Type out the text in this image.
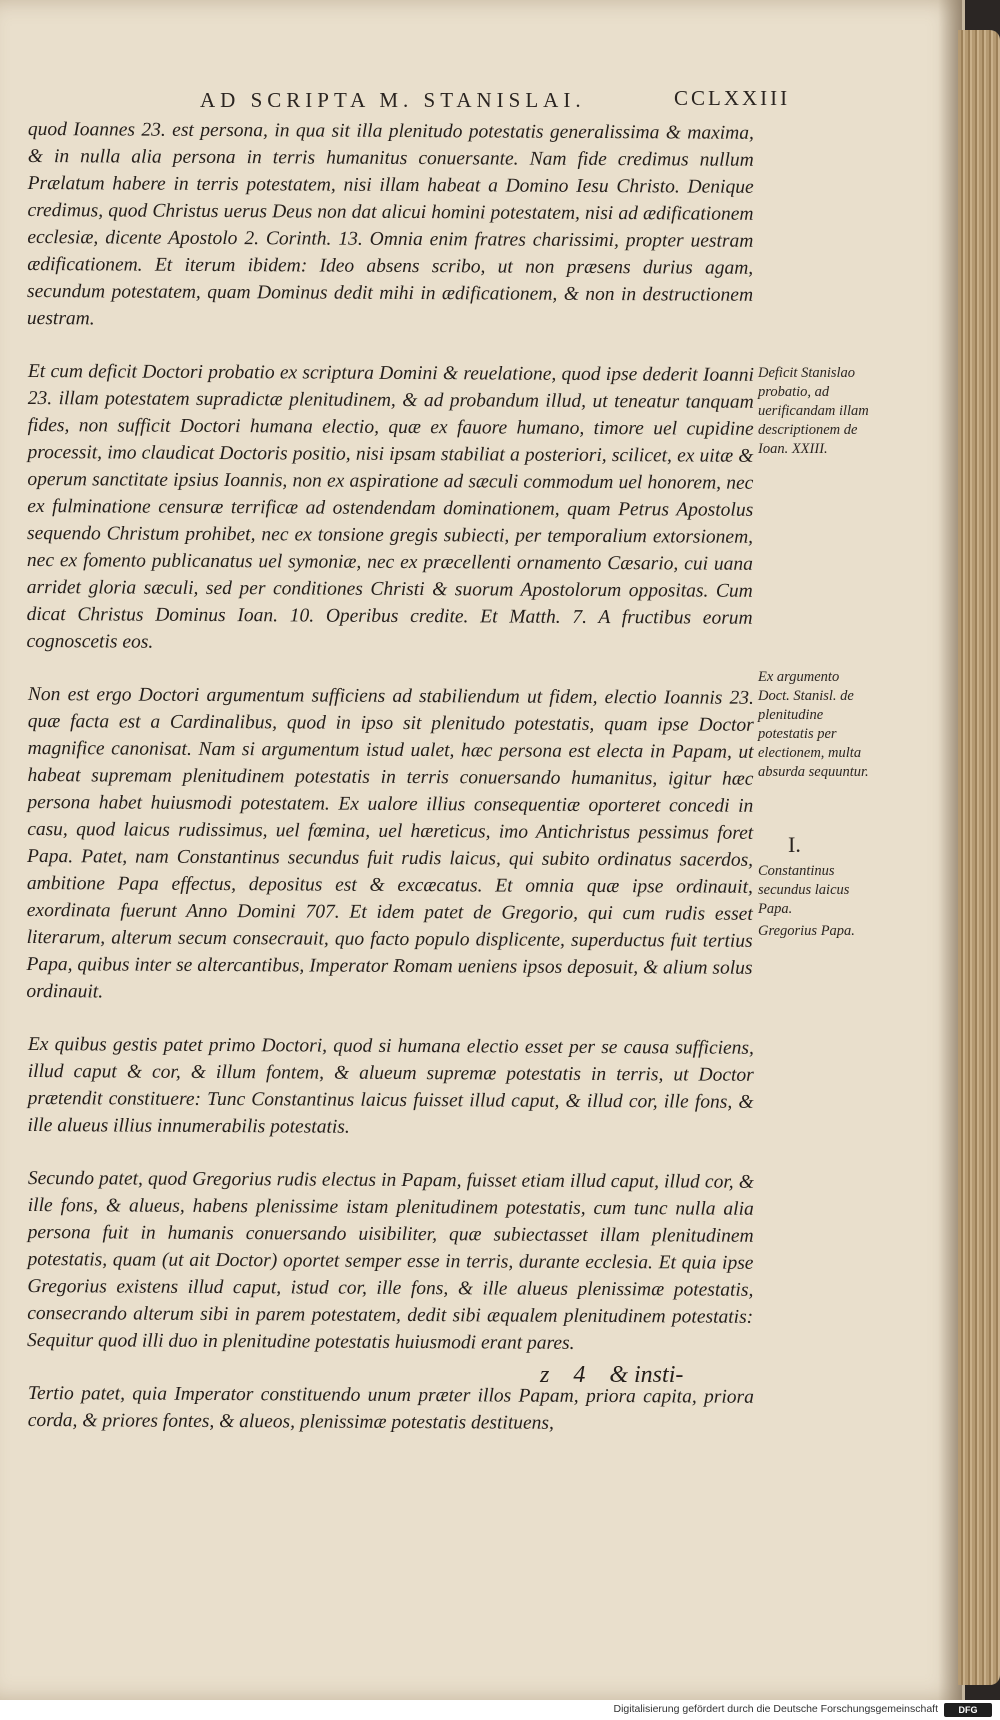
AD SCRIPTA M. STANISLAI.	CCLXXIII

quod Ioannes 23. est persona, in qua sit illa plenitudo potestatis generalissima & maxima, & in nulla alia persona in terris humanitus conuersante. Nam fide credimus nullum Prælatum habere in terris potestatem, nisi illam habeat a Domino Iesu Christo. Denique credimus, quod Christus uerus Deus non dat alicui homini potestatem, nisi ad ædificationem ecclesiæ, dicente Apostolo 2. Corinth. 13. Omnia enim fratres charissimi, propter uestram ædificationem. Et iterum ibidem: Ideo absens scribo, ut non præsens durius agam, secundum potestatem, quam Dominus dedit mihi in ædificationem, & non in destructionem uestram.

Et cum deficit Doctori probatio ex scriptura Domini & reuelatione, quod ipse dederit Ioanni 23. illam potestatem supradictæ plenitudinem, & ad probandum illud, ut teneatur tanquam fides, non sufficit Doctori humana electio, quæ ex fauore humano, timore uel cupidine processit, imo claudicat Doctoris positio, nisi ipsam stabiliat a posteriori, scilicet, ex uitæ & operum sanctitate ipsius Ioannis, non ex aspiratione ad sæculi commodum uel honorem, nec ex fulminatione censuræ terrificæ ad ostendendam dominationem, quam Petrus Apostolus sequendo Christum prohibet, nec ex tonsione gregis subiecti, per temporalium extorsionem, nec ex fomento publicanatus uel symoniæ, nec ex præcellenti ornamento Cæsario, cui uana arridet gloria sæculi, sed per conditiones Christi & suorum Apostolorum oppositas. Cum dicat Christus Dominus Ioan. 10. Operibus credite. Et Matth. 7. A fructibus eorum cognoscetis eos.

Non est ergo Doctori argumentum sufficiens ad stabiliendum ut fidem, electio Ioannis 23. quæ facta est a Cardinalibus, quod in ipso sit plenitudo potestatis, quam ipse Doctor magnifice canonisat. Nam si argumentum istud ualet, hæc persona est electa in Papam, ut habeat supremam plenitudinem potestatis in terris conuersando humanitus, igitur hæc persona habet huiusmodi potestatem. Ex ualore illius consequentiæ oporteret concedi in casu, quod laicus rudissimus, uel fœmina, uel hæreticus, imo Antichristus pessimus foret Papa. Patet, nam Constantinus secundus fuit rudis laicus, qui subito ordinatus sacerdos, ambitione Papa effectus, depositus est & excæcatus. Et omnia quæ ipse ordinauit, exordinata fuerunt Anno Domini 707. Et idem patet de Gregorio, qui cum rudis esset literarum, alterum secum consecrauit, quo facto populo displicente, superductus fuit tertius Papa, quibus inter se altercantibus, Imperator Romam ueniens ipsos deposuit, & alium solus ordinauit.

Ex quibus gestis patet primo Doctori, quod si humana electio esset per se causa sufficiens, illud caput & cor, & illum fontem, & alueum supremæ potestatis in terris, ut Doctor prætendit constituere: Tunc Constantinus laicus fuisset illud caput, & illud cor, ille fons, & ille alueus illius innumerabilis potestatis.

Secundo patet, quod Gregorius rudis electus in Papam, fuisset etiam illud caput, illud cor, & ille fons, & alueus, habens plenissime istam plenitudinem potestatis, cum tunc nulla alia persona fuit in humanis conuersando uisibiliter, quæ subiectasset illam plenitudinem potestatis, quam (ut ait Doctor) oportet semper esse in terris, durante ecclesia. Et quia ipse Gregorius existens illud caput, istud cor, ille fons, & ille alueus plenissimæ potestatis, consecrando alterum sibi in parem potestatem, dedit sibi æqualem plenitudinem potestatis: Sequitur quod illi duo in plenitudine potestatis huiusmodi erant pares.

Tertio patet, quia Imperator constituendo unum præter illos Papam, priora capita, priora corda, & priores fontes, & alueos, plenissimæ potestatis destituens,

Deficit Stanislao probatio, ad uerificandam illam descriptionem de Ioan. XXIII.
Ex argumento Doct. Stanisl. de plenitudine potestatis per electionem, multa absurda sequuntur.
I.
Constantinus secundus laicus Papa.
Gregorius Papa.
z 4 & insti-
Digitalisierung gefördert durch die Deutsche Forschungsgemeinschaft	DFG
